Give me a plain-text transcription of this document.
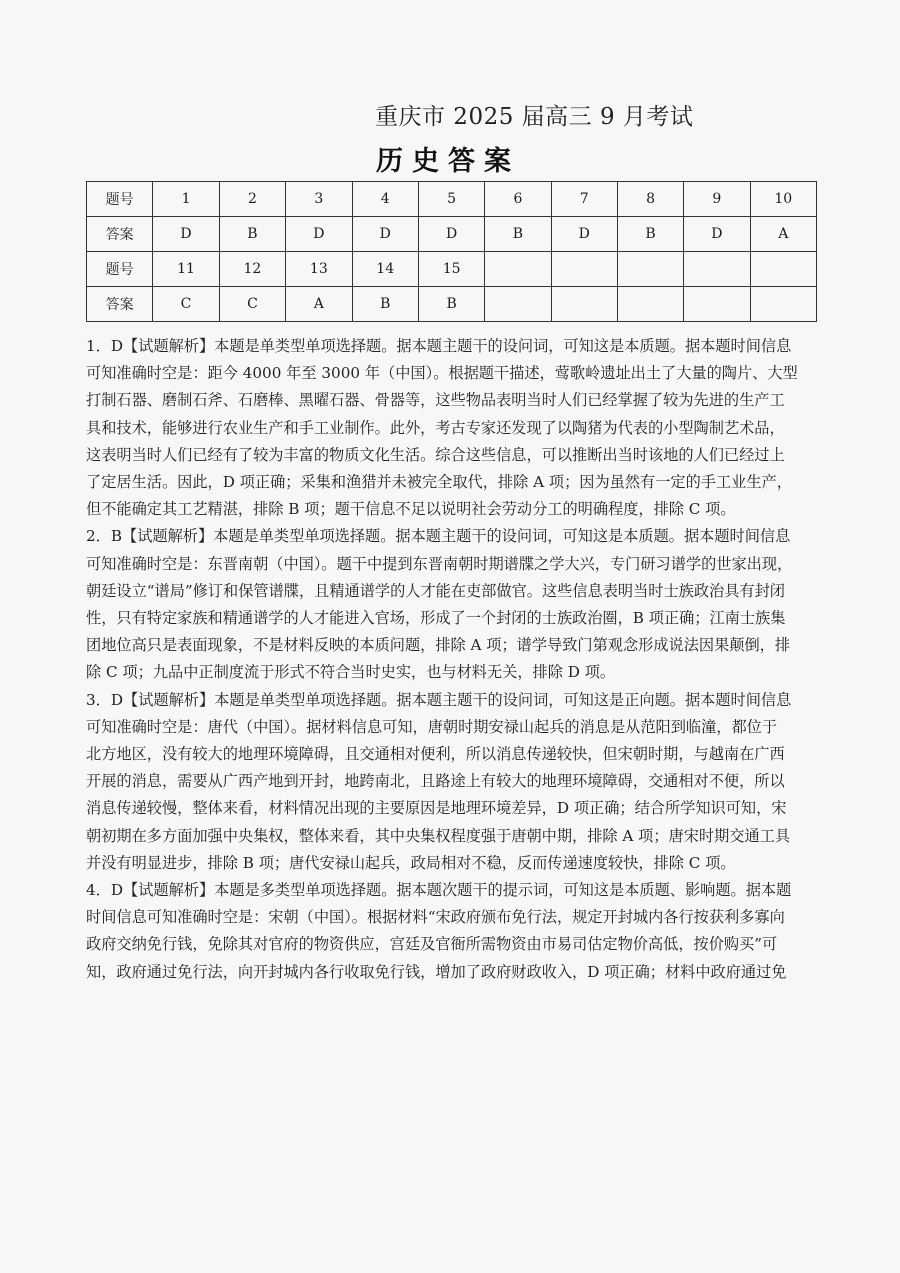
重庆市 2025 届高三 9 月考试
历史答案
题号	1	2	3	4	5	6	7	8	9	10
答案	D	B	D	D	D	B	D	B	D	A
题号	11	12	13	14	15					
答案	C	C	A	B	B					
1．D【试题解析】本题是单类型单项选择题。据本题主题干的设问词，可知这是本质题。据本题时间信息
可知准确时空是：距今 4000 年至 3000 年（中国）。根据题干描述，莺歌岭遗址出土了大量的陶片、大型
打制石器、磨制石斧、石磨棒、黑曜石器、骨器等，这些物品表明当时人们已经掌握了较为先进的生产工
具和技术，能够进行农业生产和手工业制作。此外，考古专家还发现了以陶猪为代表的小型陶制艺术品，
这表明当时人们已经有了较为丰富的物质文化生活。综合这些信息，可以推断出当时该地的人们已经过上
了定居生活。因此，D 项正确；采集和渔猎并未被完全取代，排除 A 项；因为虽然有一定的手工业生产，
但不能确定其工艺精湛，排除 B 项；题干信息不足以说明社会劳动分工的明确程度，排除 C 项。
2．B【试题解析】本题是单类型单项选择题。据本题主题干的设问词，可知这是本质题。据本题时间信息
可知准确时空是：东晋南朝（中国）。题干中提到东晋南朝时期谱牒之学大兴，专门研习谱学的世家出现，
朝廷设立“谱局”修订和保管谱牒，且精通谱学的人才能在吏部做官。这些信息表明当时士族政治具有封闭
性，只有特定家族和精通谱学的人才能进入官场，形成了一个封闭的士族政治圈，B 项正确；江南士族集
团地位高只是表面现象，不是材料反映的本质问题，排除 A 项；谱学导致门第观念形成说法因果颠倒，排
除 C 项；九品中正制度流于形式不符合当时史实，也与材料无关，排除 D 项。
3．D【试题解析】本题是单类型单项选择题。据本题主题干的设问词，可知这是正向题。据本题时间信息
可知准确时空是：唐代（中国）。据材料信息可知，唐朝时期安禄山起兵的消息是从范阳到临潼，都位于
北方地区，没有较大的地理环境障碍，且交通相对便利，所以消息传递较快，但宋朝时期，与越南在广西
开展的消息，需要从广西产地到开封，地跨南北，且路途上有较大的地理环境障碍，交通相对不便，所以
消息传递较慢，整体来看，材料情况出现的主要原因是地理环境差异，D 项正确；结合所学知识可知，宋
朝初期在多方面加强中央集权，整体来看，其中央集权程度强于唐朝中期，排除 A 项；唐宋时期交通工具
并没有明显进步，排除 B 项；唐代安禄山起兵，政局相对不稳，反而传递速度较快，排除 C 项。
4．D【试题解析】本题是多类型单项选择题。据本题次题干的提示词，可知这是本质题、影响题。据本题
时间信息可知准确时空是：宋朝（中国）。根据材料“宋政府颁布免行法，规定开封城内各行按获利多寡向
政府交纳免行钱，免除其对官府的物资供应，宫廷及官衙所需物资由市易司估定物价高低，按价购买”可
知，政府通过免行法，向开封城内各行收取免行钱，增加了政府财政收入，D 项正确；材料中政府通过免
